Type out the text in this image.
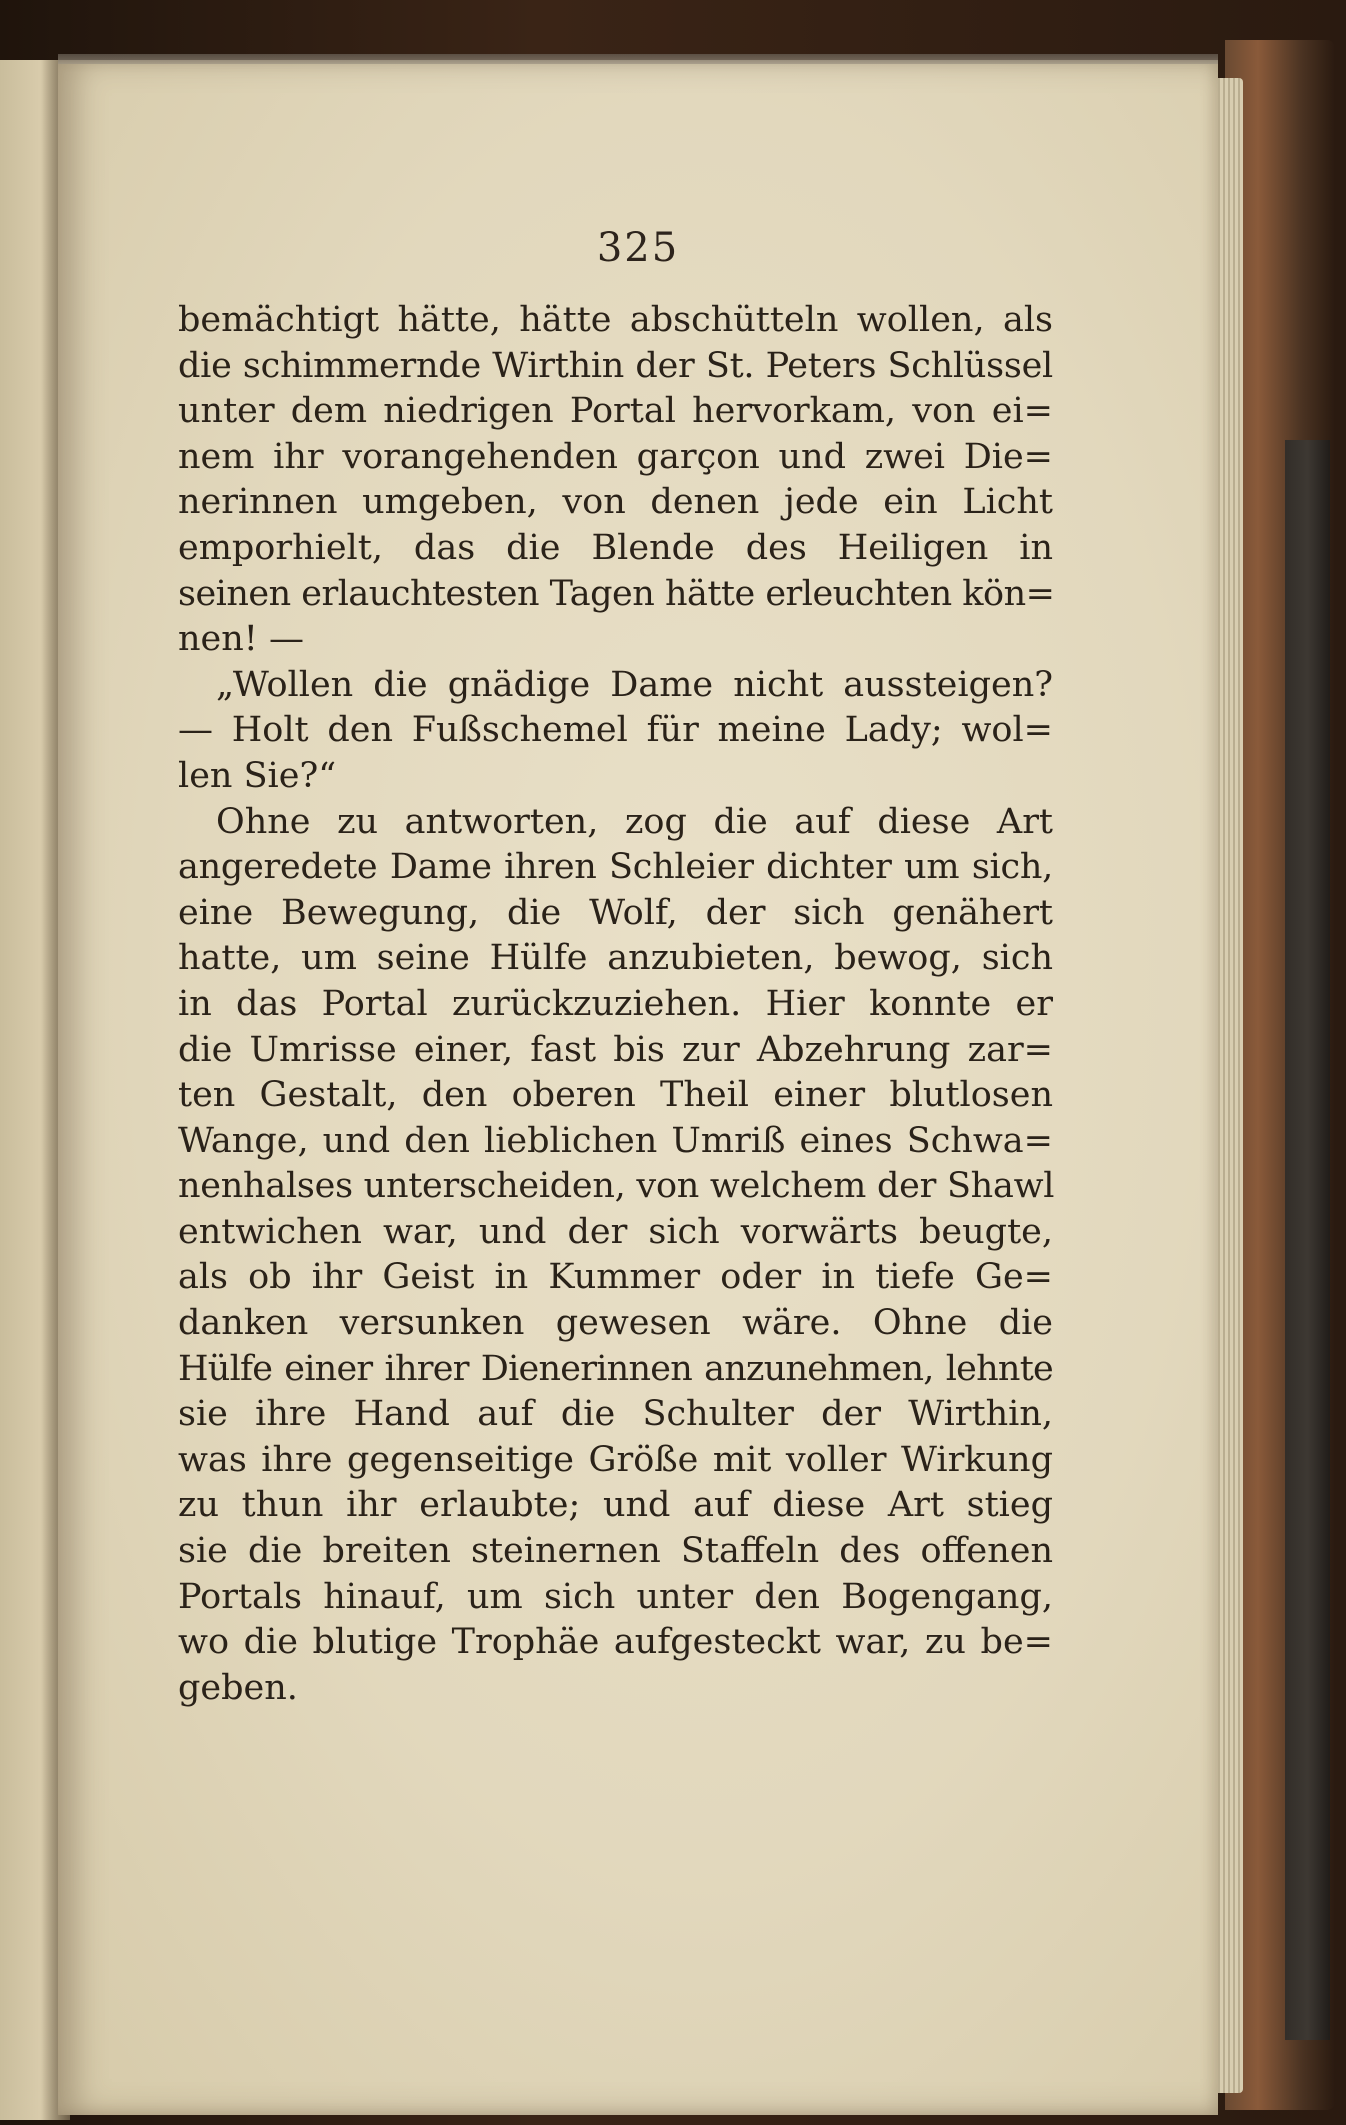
325
bemächtigt hätte, hätte abschütteln wollen, als
die schimmernde Wirthin der St. Peters Schlüssel
unter dem niedrigen Portal hervorkam, von ei=
nem ihr vorangehenden garçon und zwei Die=
nerinnen umgeben, von denen jede ein Licht
emporhielt, das die Blende des Heiligen in
seinen erlauchtesten Tagen hätte erleuchten kön=
nen! —
„Wollen die gnädige Dame nicht aussteigen?
— Holt den Fußschemel für meine Lady; wol=
len Sie?“
Ohne zu antworten, zog die auf diese Art
angeredete Dame ihren Schleier dichter um sich,
eine Bewegung, die Wolf, der sich genähert
hatte, um seine Hülfe anzubieten, bewog, sich
in das Portal zurückzuziehen. Hier konnte er
die Umrisse einer, fast bis zur Abzehrung zar=
ten Gestalt, den oberen Theil einer blutlosen
Wange, und den lieblichen Umriß eines Schwa=
nenhalses unterscheiden, von welchem der Shawl
entwichen war, und der sich vorwärts beugte,
als ob ihr Geist in Kummer oder in tiefe Ge=
danken versunken gewesen wäre. Ohne die
Hülfe einer ihrer Dienerinnen anzunehmen, lehnte
sie ihre Hand auf die Schulter der Wirthin,
was ihre gegenseitige Größe mit voller Wirkung
zu thun ihr erlaubte; und auf diese Art stieg
sie die breiten steinernen Staffeln des offenen
Portals hinauf, um sich unter den Bogengang,
wo die blutige Trophäe aufgesteckt war, zu be=
geben.
